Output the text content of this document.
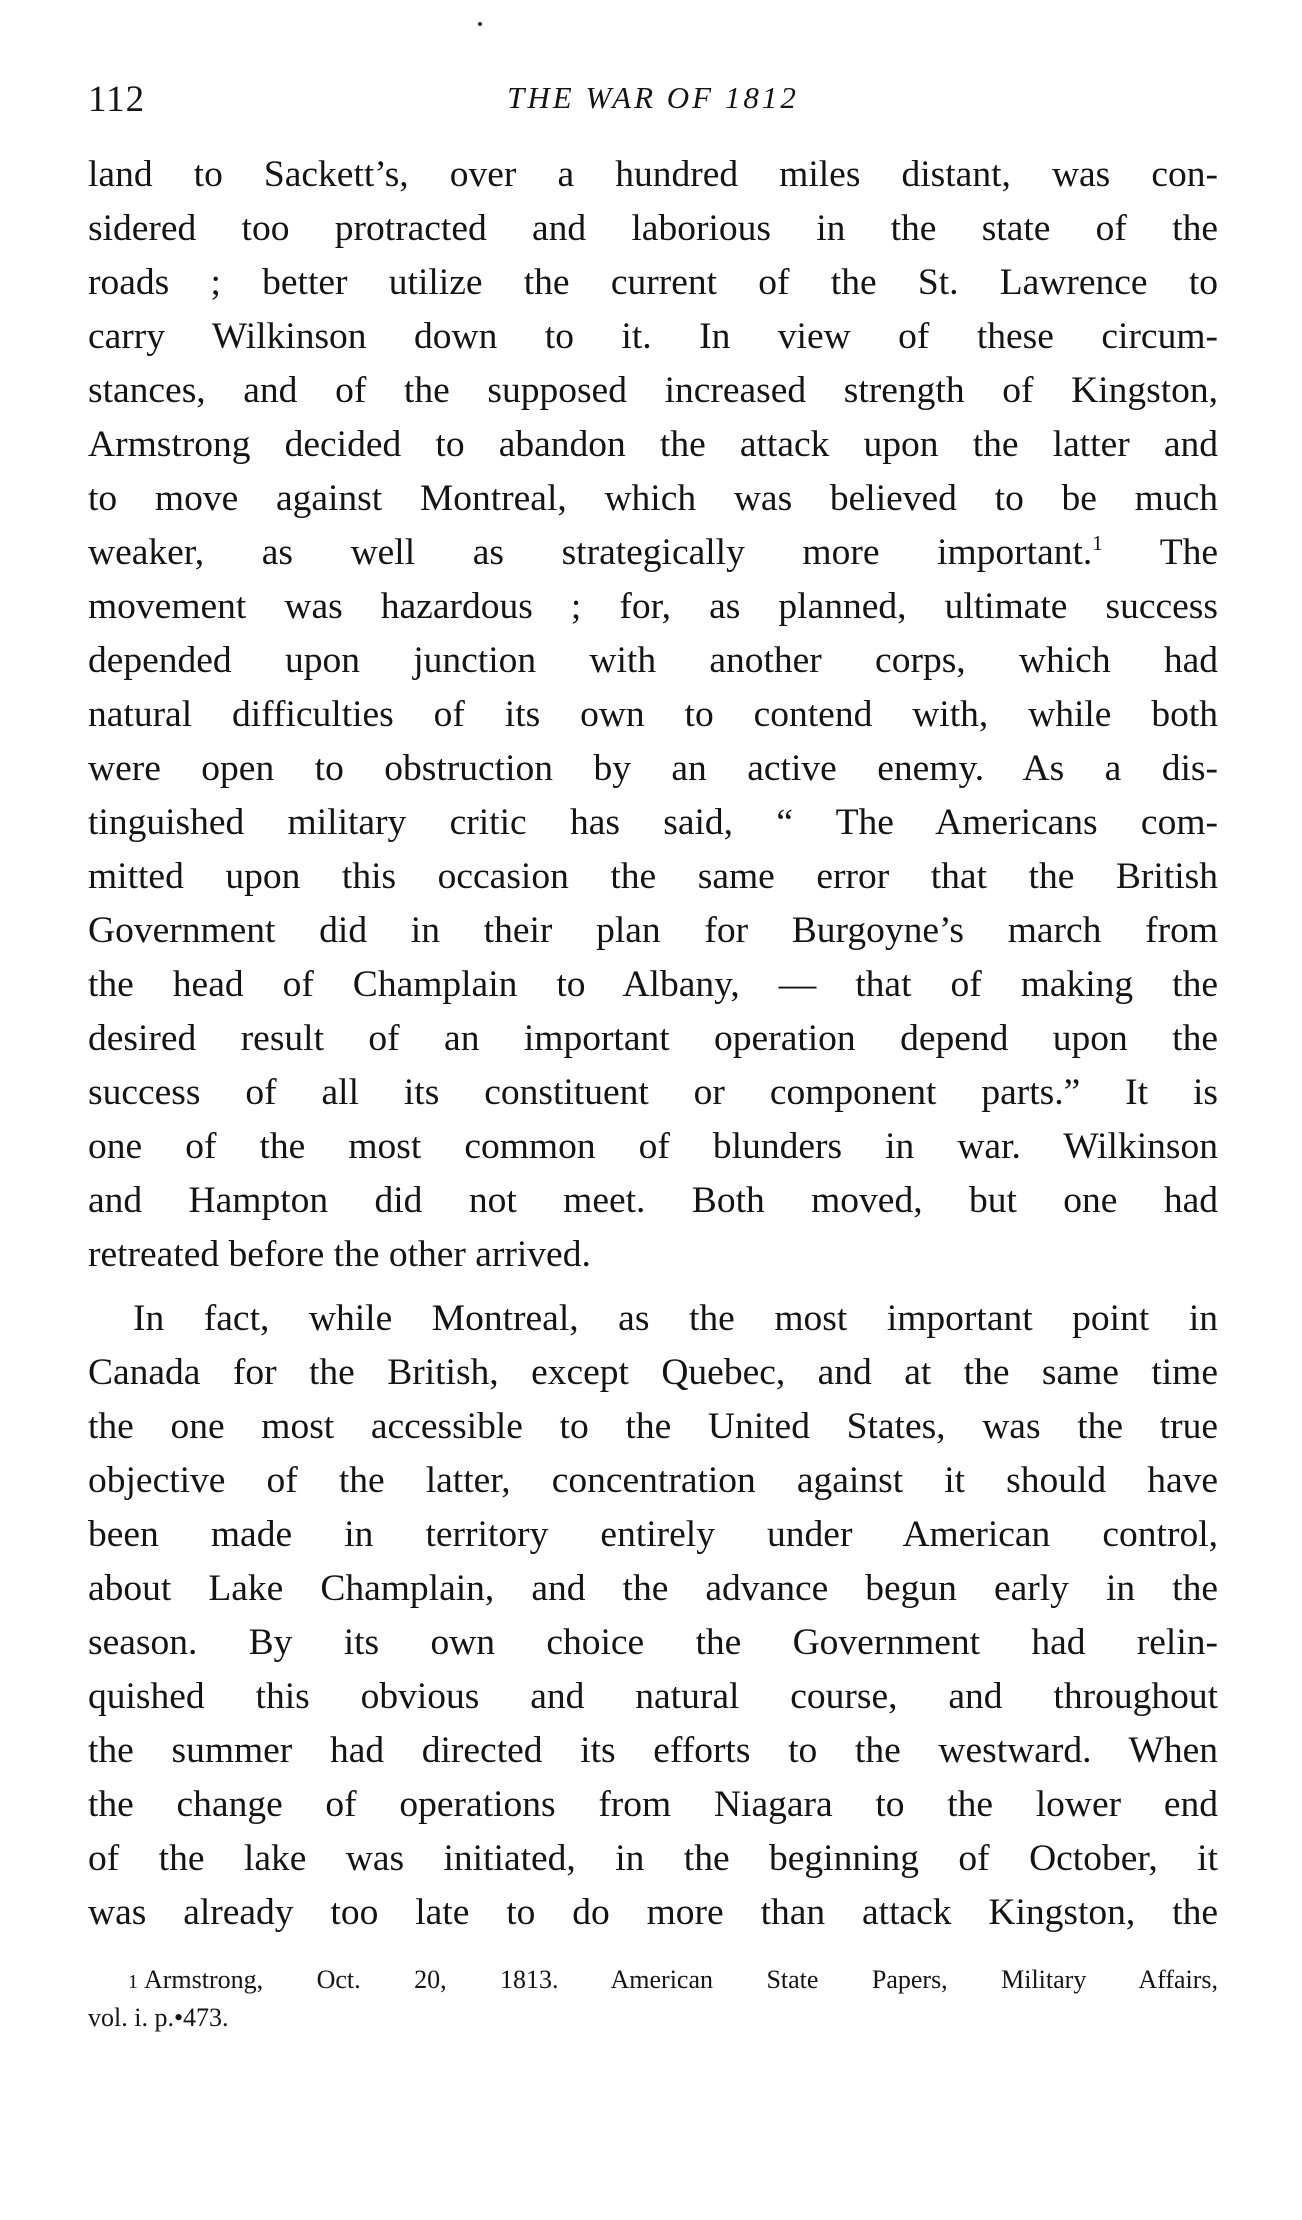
112	THE WAR OF 1812
land to Sackett’s, over a hundred miles distant, was con-
sidered too protracted and laborious in the state of the
roads ; better utilize the current of the St. Lawrence to
carry Wilkinson down to it. In view of these circum-
stances, and of the supposed increased strength of Kingston,
Armstrong decided to abandon the attack upon the latter and
to move against Montreal, which was believed to be much
weaker, as well as strategically more important.$^1$ The
movement was hazardous ; for, as planned, ultimate success
depended upon junction with another corps, which had
natural difficulties of its own to contend with, while both
were open to obstruction by an active enemy. As a dis-
tinguished military critic has said, “ The Americans com-
mitted upon this occasion the same error that the British
Government did in their plan for Burgoyne’s march from
the head of Champlain to Albany, — that of making the
desired result of an important operation depend upon the
success of all its constituent or component parts.” It is
one of the most common of blunders in war. Wilkinson
and Hampton did not meet. Both moved, but one had
retreated before the other arrived.
In fact, while Montreal, as the most important point in
Canada for the British, except Quebec, and at the same time
the one most accessible to the United States, was the true
objective of the latter, concentration against it should have
been made in territory entirely under American control,
about Lake Champlain, and the advance begun early in the
season. By its own choice the Government had relin-
quished this obvious and natural course, and throughout
the summer had directed its efforts to the westward. When
the change of operations from Niagara to the lower end
of the lake was initiated, in the beginning of October, it
was already too late to do more than attack Kingston, the
1 Armstrong, Oct. 20, 1813. American State Papers, Military Affairs,
vol. i. p.•473.
